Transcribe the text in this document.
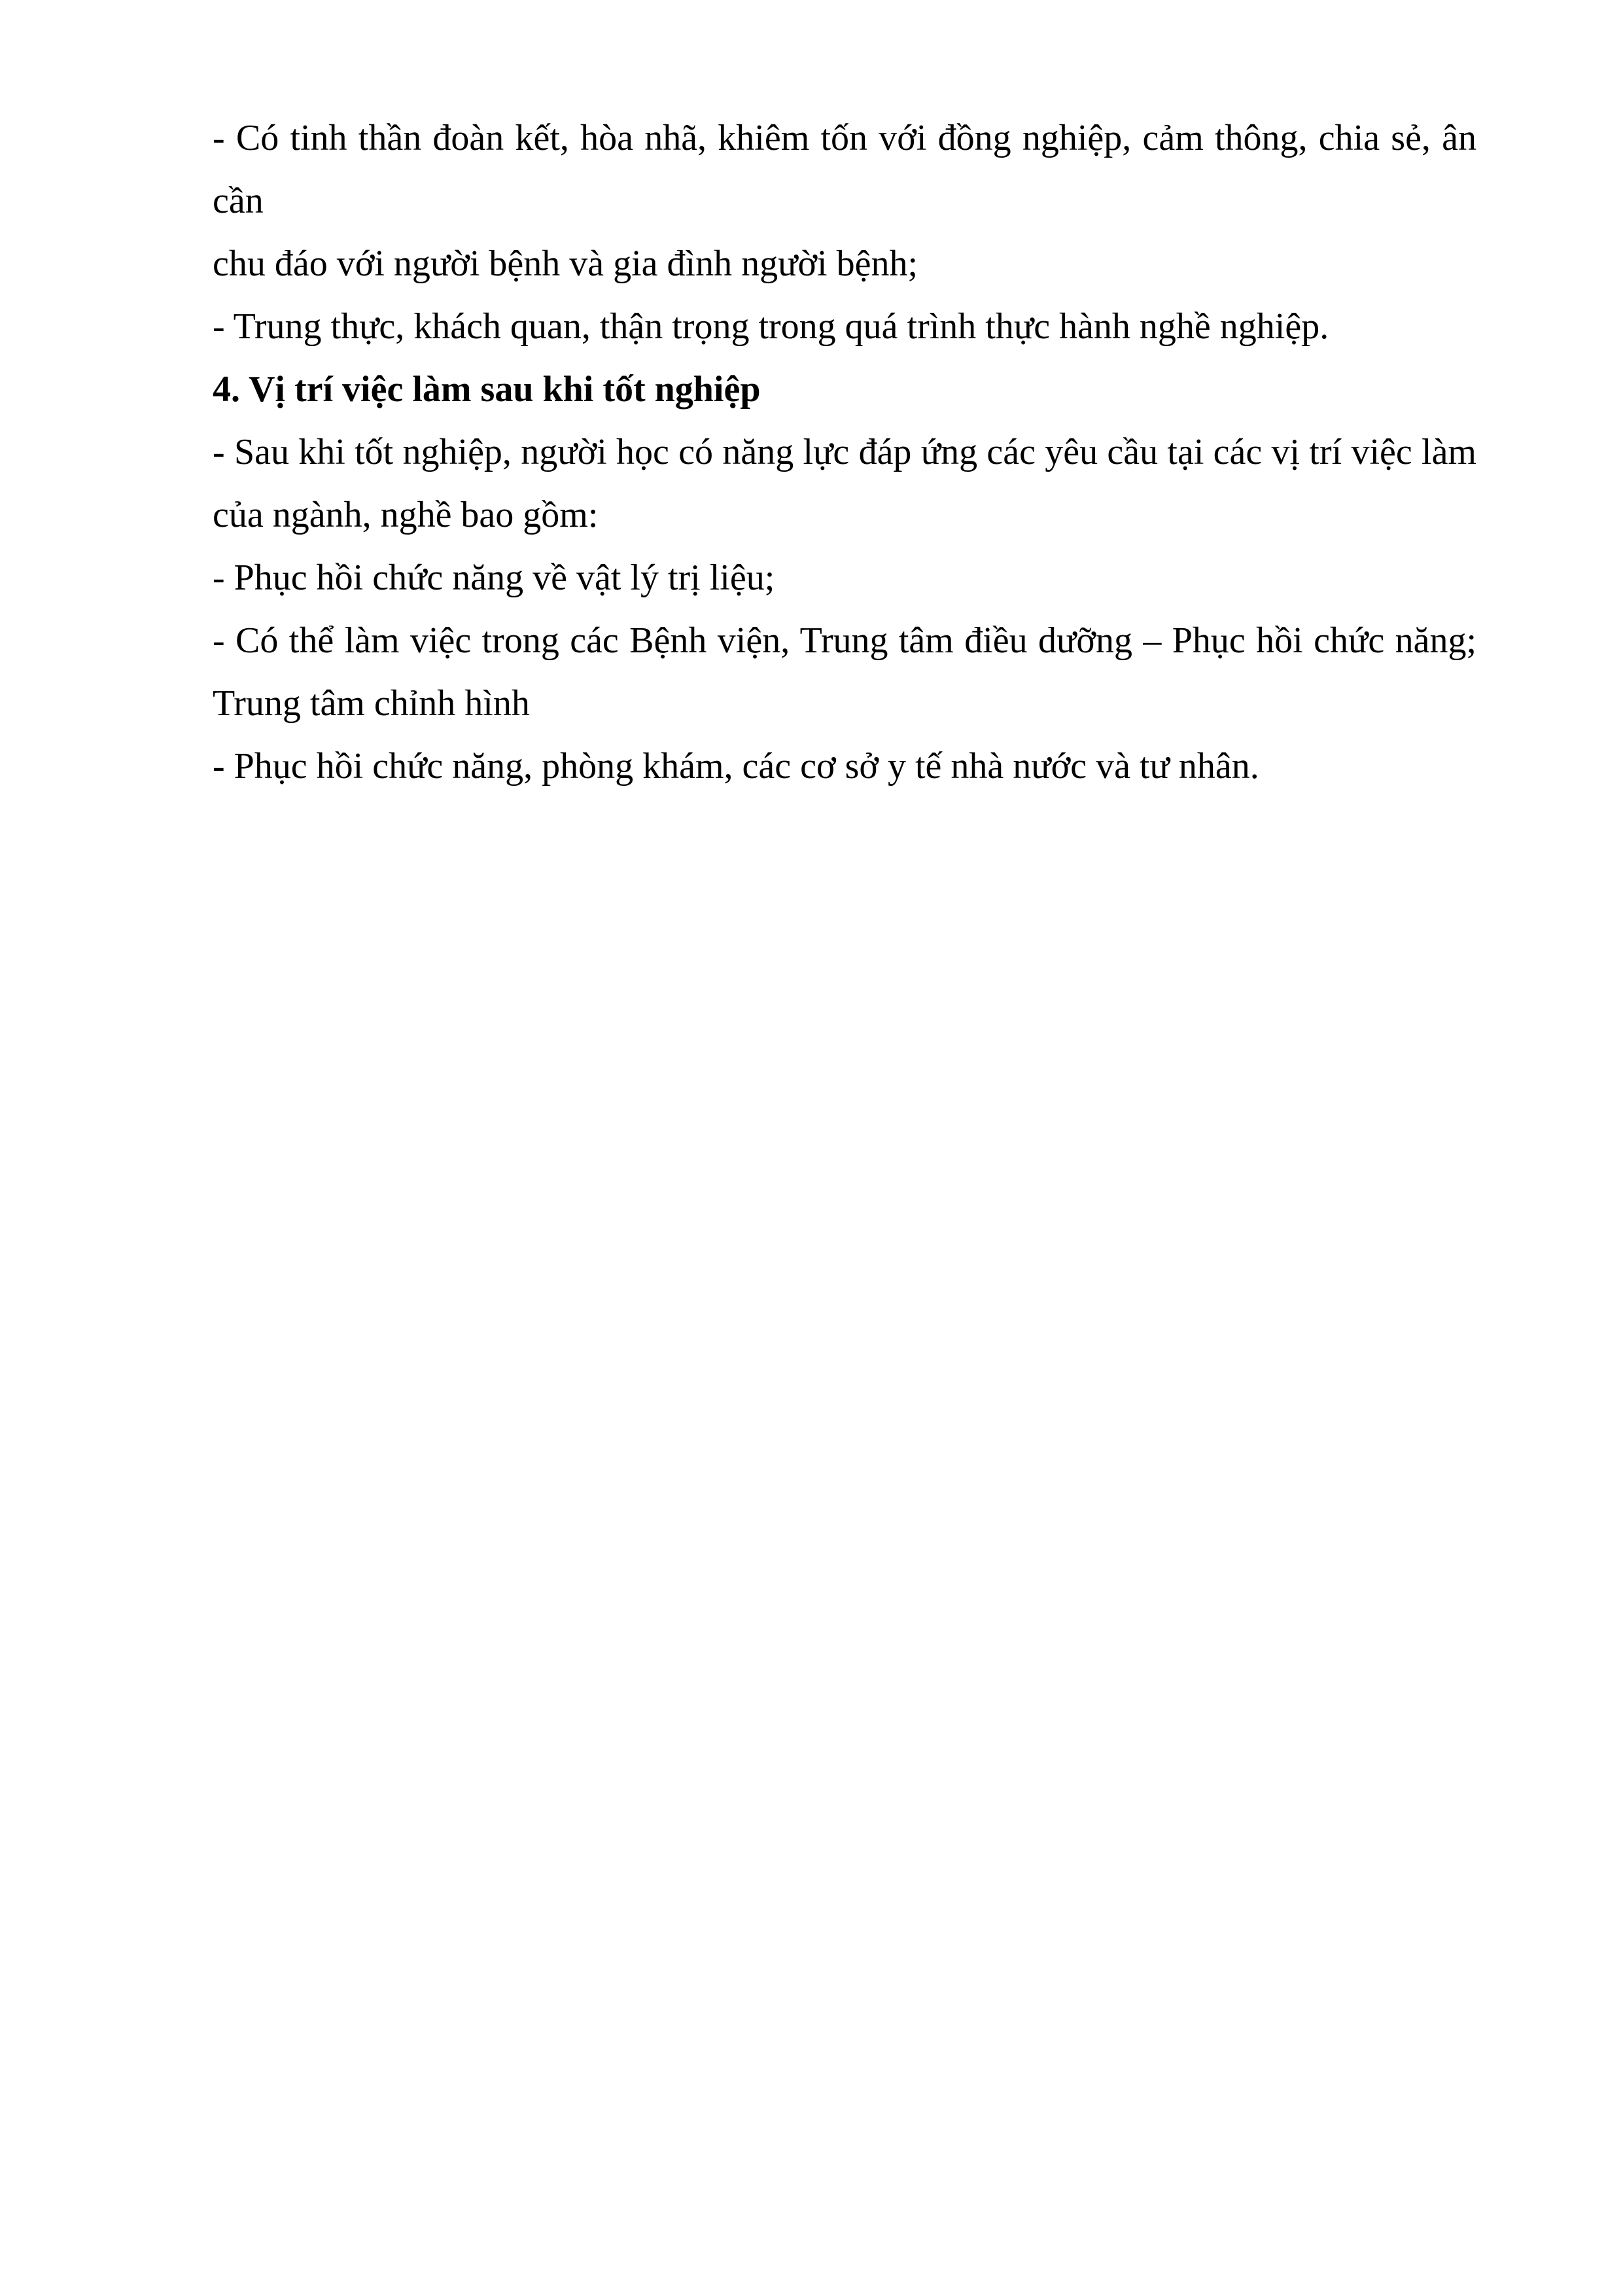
- Có tinh thần đoàn kết, hòa nhã, khiêm tốn với đồng nghiệp, cảm thông, chia sẻ, ân cần
chu đáo với người bệnh và gia đình người bệnh;
- Trung thực, khách quan, thận trọng trong quá trình thực hành nghề nghiệp.
4. Vị trí việc làm sau khi tốt nghiệp
- Sau khi tốt nghiệp, người học có năng lực đáp ứng các yêu cầu tại các vị trí việc làm
của ngành, nghề bao gồm:
- Phục hồi chức năng về vật lý trị liệu;
- Có thể làm việc trong các Bệnh viện, Trung tâm điều dưỡng – Phục hồi chức năng;
Trung tâm chỉnh hình
- Phục hồi chức năng, phòng khám, các cơ sở y tế nhà nước và tư nhân.
